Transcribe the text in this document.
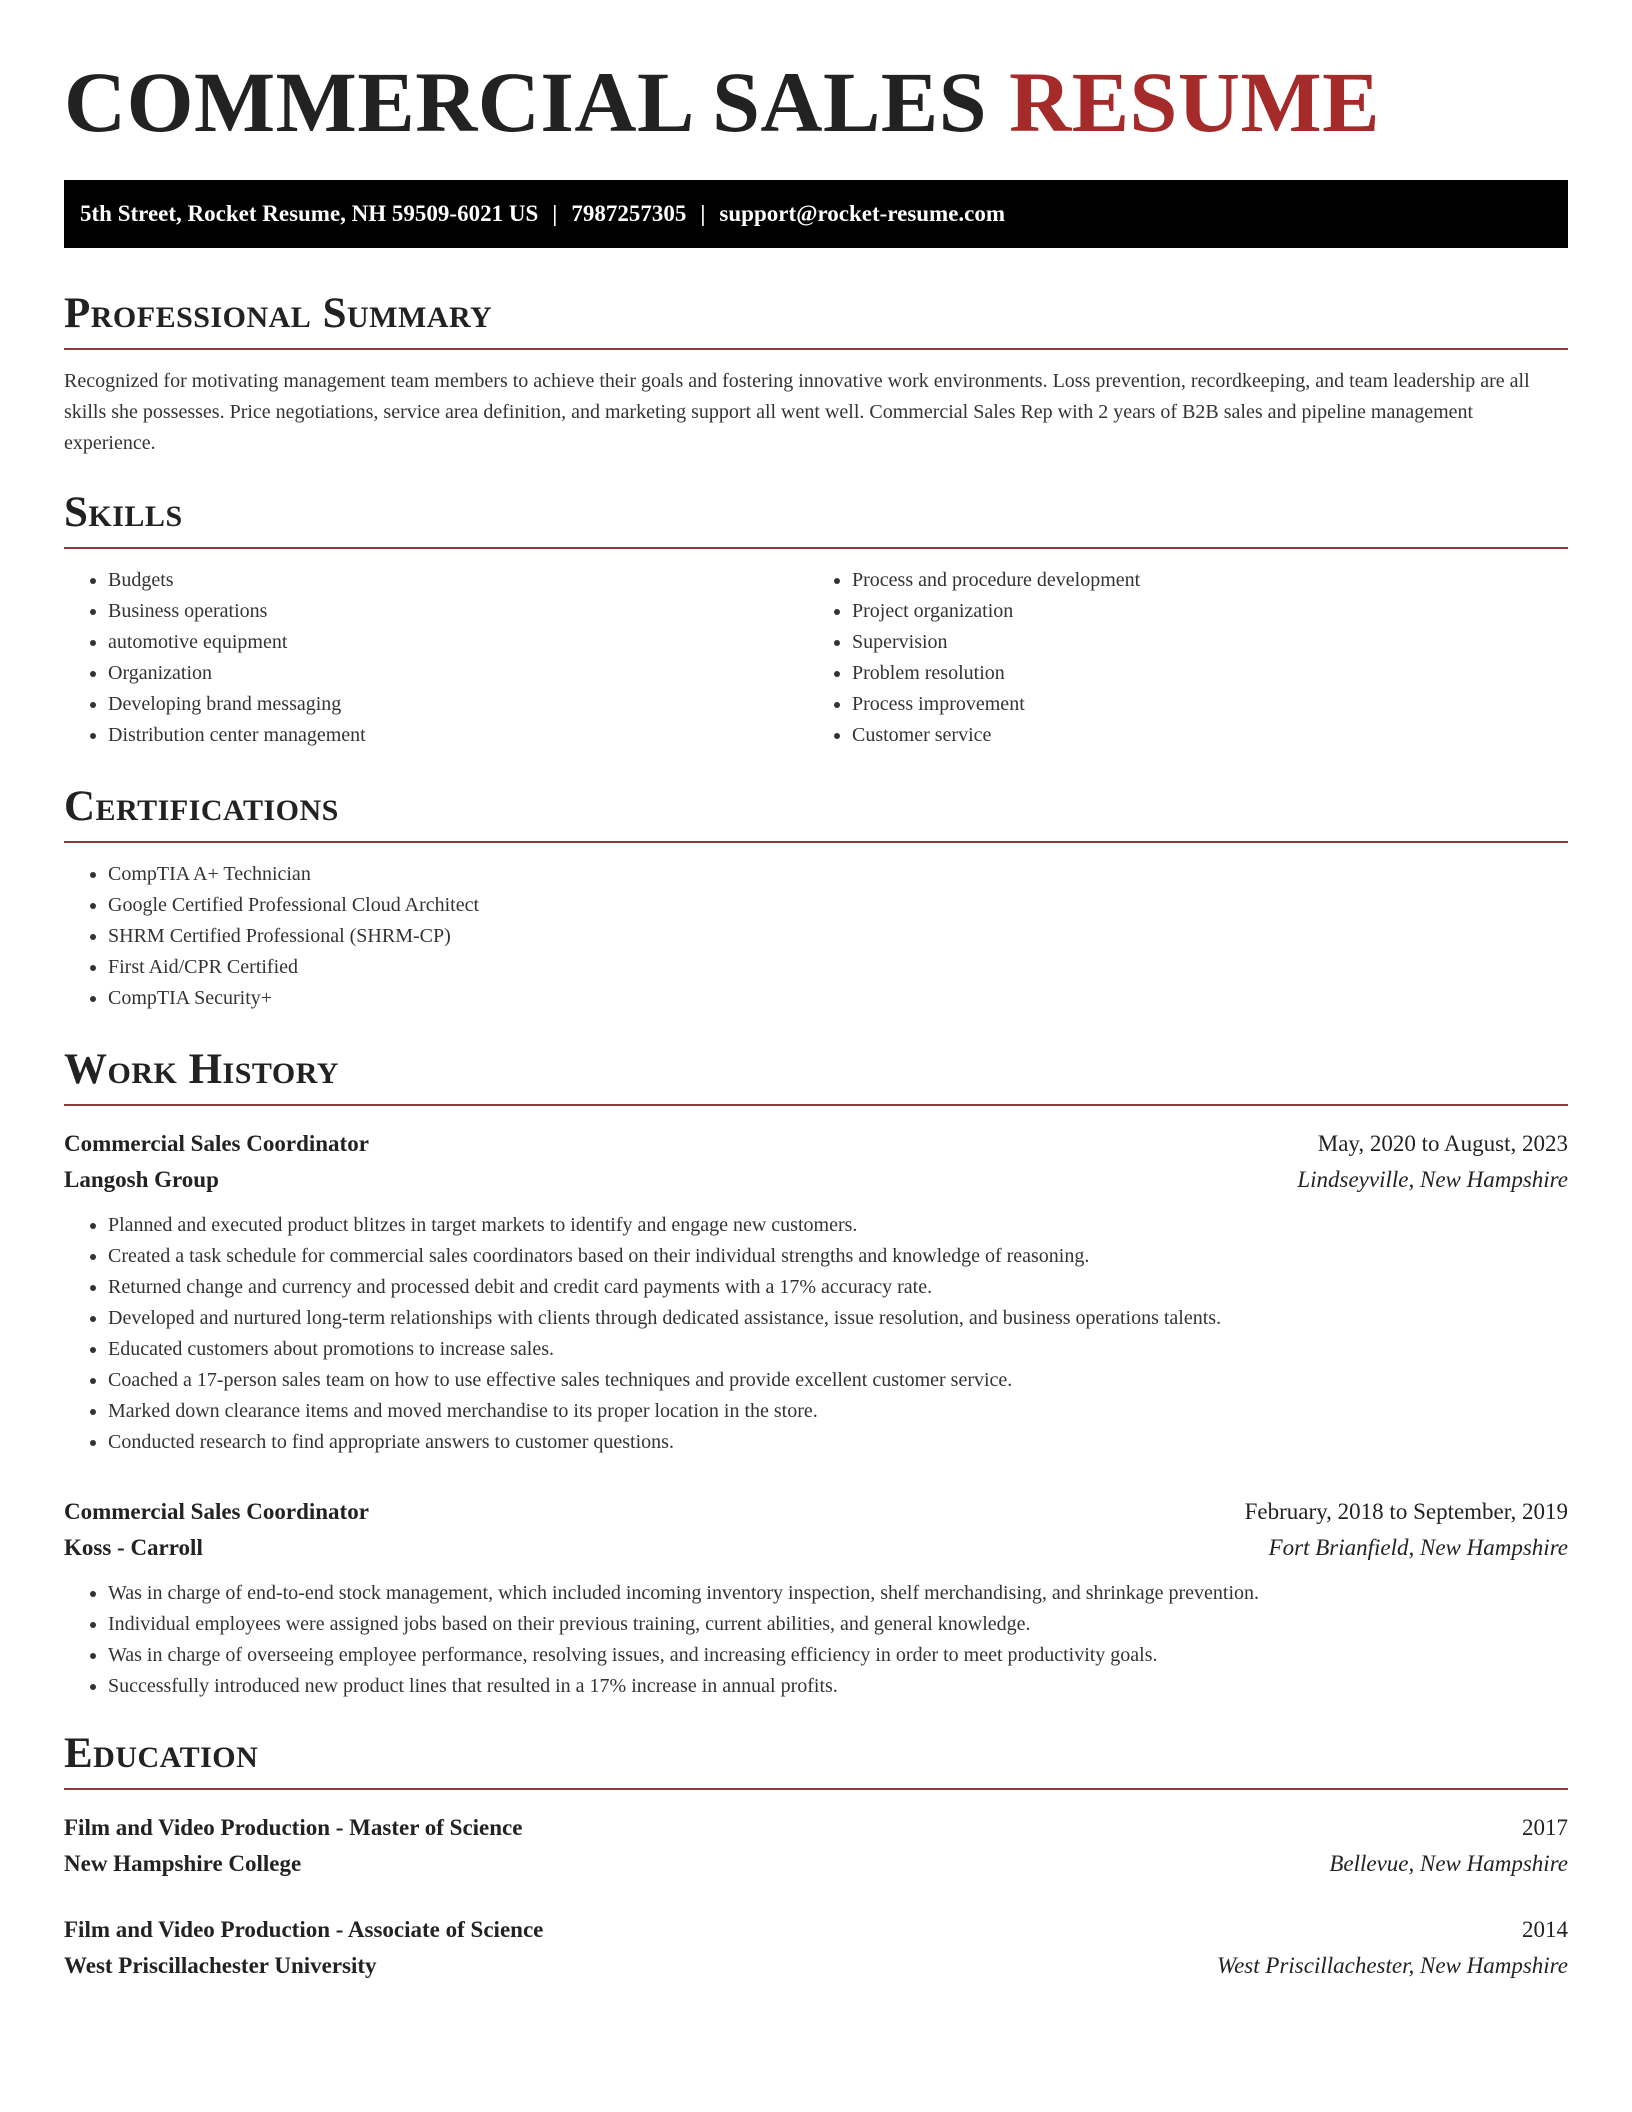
COMMERCIAL SALES RESUME
5th Street, Rocket Resume, NH 59509-6021 US | 7987257305 | support@rocket-resume.com
Professional Summary

Recognized for motivating management team members to achieve their goals and fostering innovative work environments. Loss prevention, recordkeeping, and team leadership are all skills she possesses. Price negotiations, service area definition, and marketing support all went well. Commercial Sales Rep with 2 years of B2B sales and pipeline management experience.

Skills
• Budgets
• Business operations
• automotive equipment
• Organization
• Developing brand messaging
• Distribution center management
• Process and procedure development
• Project organization
• Supervision
• Problem resolution
• Process improvement
• Customer service
Certifications
• CompTIA A+ Technician
• Google Certified Professional Cloud Architect
• SHRM Certified Professional (SHRM-CP)
• First Aid/CPR Certified
• CompTIA Security+
Work History
Commercial Sales Coordinator	May, 2020 to August, 2023
Langosh Group	Lindseyville, New Hampshire
• Planned and executed product blitzes in target markets to identify and engage new customers.
• Created a task schedule for commercial sales coordinators based on their individual strengths and knowledge of reasoning.
• Returned change and currency and processed debit and credit card payments with a 17% accuracy rate.
• Developed and nurtured long-term relationships with clients through dedicated assistance, issue resolution, and business operations talents.
• Educated customers about promotions to increase sales.
• Coached a 17-person sales team on how to use effective sales techniques and provide excellent customer service.
• Marked down clearance items and moved merchandise to its proper location in the store.
• Conducted research to find appropriate answers to customer questions.
Commercial Sales Coordinator	February, 2018 to September, 2019
Koss - Carroll	Fort Brianfield, New Hampshire
• Was in charge of end-to-end stock management, which included incoming inventory inspection, shelf merchandising, and shrinkage prevention.
• Individual employees were assigned jobs based on their previous training, current abilities, and general knowledge.
• Was in charge of overseeing employee performance, resolving issues, and increasing efficiency in order to meet productivity goals.
• Successfully introduced new product lines that resulted in a 17% increase in annual profits.
Education
Film and Video Production - Master of Science	2017
New Hampshire College	Bellevue, New Hampshire
Film and Video Production - Associate of Science	2014
West Priscillachester University	West Priscillachester, New Hampshire
